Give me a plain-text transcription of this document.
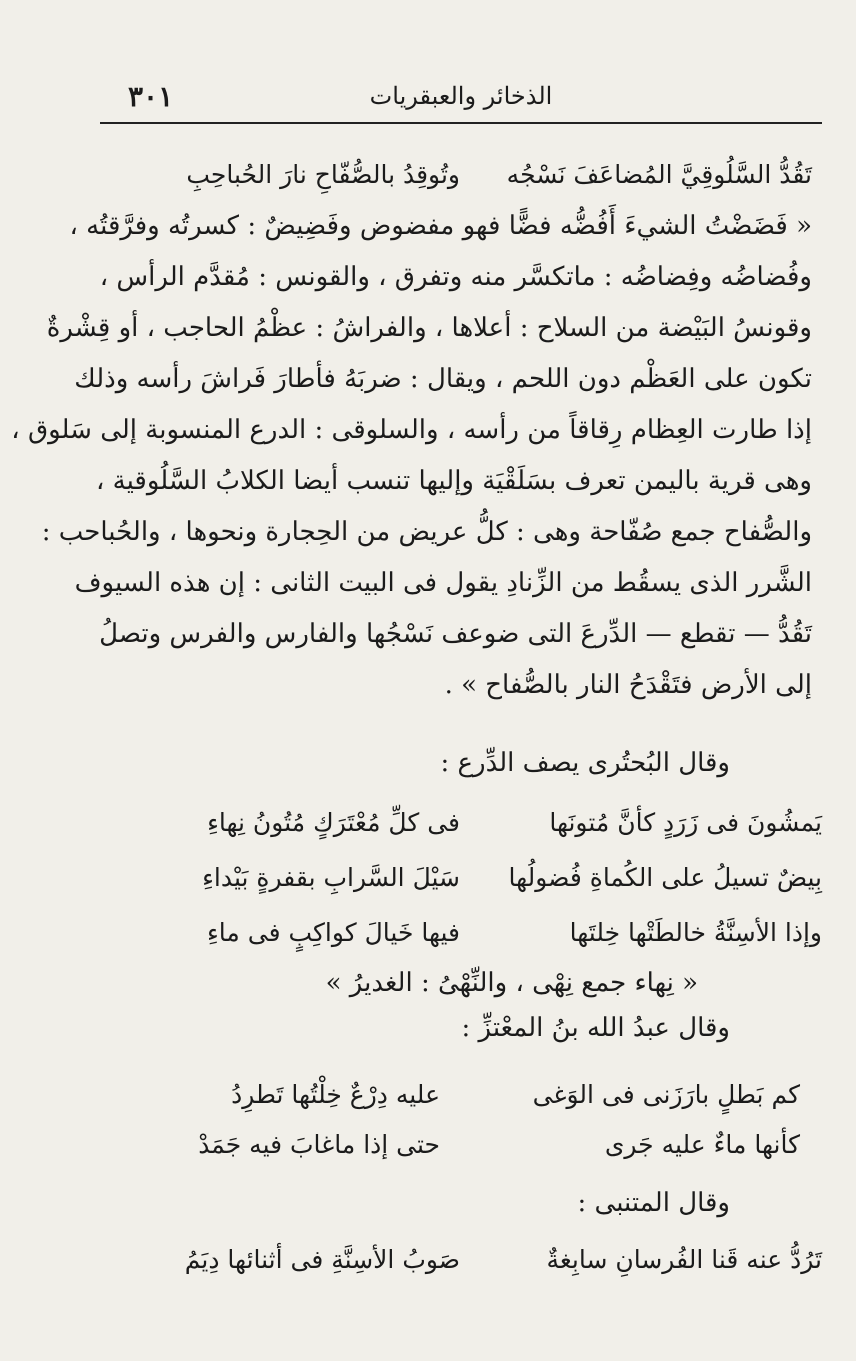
الذخائر والعبقريات
٣٠١
تَقُدُّ السَّلُوقِيَّ المُضاعَفَ نَسْجُه
وتُوقِدُ بالصُّفّاحِ نارَ الحُباحِبِ
« فَضَضْتُ الشيءَ أَفُضُّه فضًّا فهو مفضوض وفَضِيضٌ : كسرتُه وفرَّقتُه ،
وفُضاضُه وفِضاضُه : ماتكسَّر منه وتفرق ، والقونس : مُقدَّم الرأس ،
وقونسُ البَيْضة من السلاح : أعلاها ، والفراشُ : عظْمُ الحاجب ، أو قِشْرةٌ
تكون على العَظْم دون اللحم ، ويقال : ضربَهُ فأطارَ فَراشَ رأسه وذلك
إذا طارت العِظام رِقاقاً من رأسه ، والسلوقى : الدرع المنسوبة إلى سَلوق ،
وهى قرية باليمن تعرف بسَلَقْيَة وإليها تنسب أيضا الكلابُ السَّلُوقية ،
والصُّفاح جمع صُفّاحة وهى : كلُّ عريض من الحِجارة ونحوها ، والحُباحب :
الشَّرر الذى يسقُط من الزِّنادِ يقول فى البيت الثانى : إن هذه السيوف
تَقُدُّ — تقطع — الدِّرعَ التى ضوعف نَسْجُها والفارس والفرس وتصلُ
إلى الأرض فتَقْدَحُ النار بالصُّفاح » .
وقال البُحتُرى يصف الدِّرع :
يَمشُونَ فى زَرَدٍ كأنَّ مُتونَها
فى كلِّ مُعْتَرَكٍ مُتُونُ نِهاءِ
بِيضٌ تسيلُ على الكُماةِ فُضولُها
سَيْلَ السَّرابِ بقفرةٍ بَيْداءِ
وإذا الأسِنَّةُ خالطَتْها خِلتَها
فيها خَيالَ كواكِبٍ فى ماءِ
« نِهاء جمع نِهْى ، والنِّهْىُ : الغديرُ »
وقال عبدُ الله بنُ المعْتزِّ :
كم بَطلٍ بارَزَنى فى الوَغى
عليه دِرْعٌ خِلْتُها تَطرِدُ
كأنها ماءٌ عليه جَرى
حتى إذا ماغابَ فيه جَمَدْ
وقال المتنبى :
تَرُدُّ عنه قَنا الفُرسانِ سابِغةٌ
صَوبُ الأسِنَّةِ فى أثنائها دِيَمُ
